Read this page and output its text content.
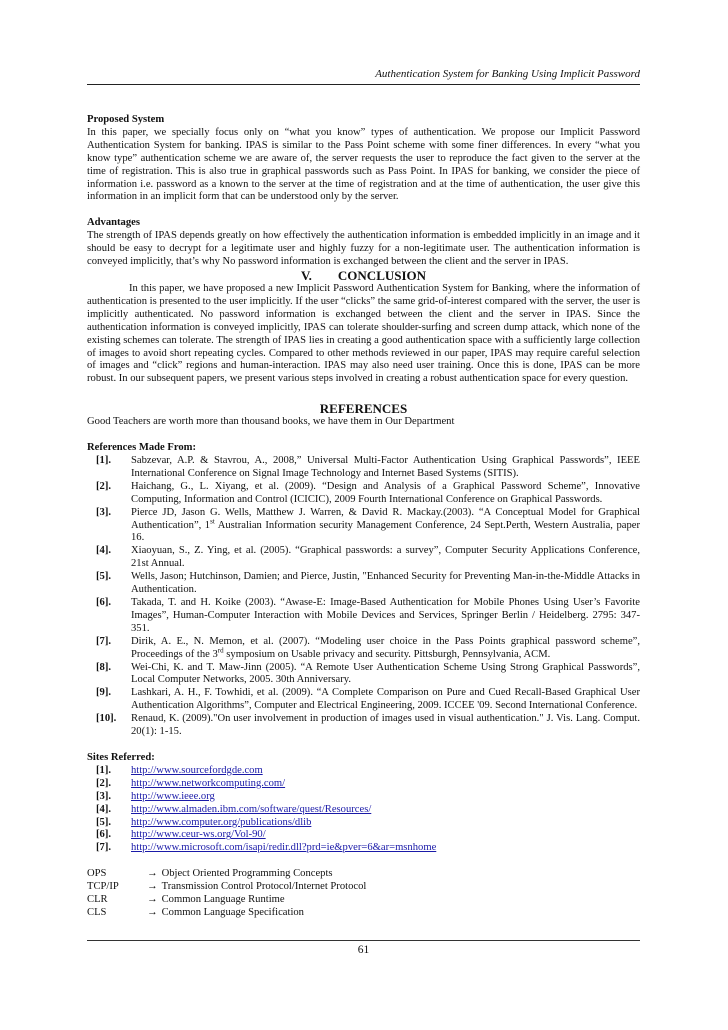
Authentication System for Banking Using Implicit Password

Proposed System

In this paper, we specially focus only on “what you know” types of authentication. We propose our Implicit Password Authentication System for banking. IPAS is similar to the Pass Point scheme with some finer differences. In every “what you know type” authentication scheme we are aware of, the server requests the user to reproduce the fact given to the server at the time of registration. This is also true in graphical passwords such as Pass Point. In IPAS for banking, we consider the piece of information i.e. password as a known to the server at the time of registration and at the time of authentication, the user give this information in an implicit form that can be understood only by the server.

Advantages

The strength of IPAS depends greatly on how effectively the authentication information is embedded implicitly in an image and it should be easy to decrypt for a legitimate user and highly fuzzy for a non-legitimate user. The authentication information is conveyed implicitly, that’s why No password information is exchanged between the client and the server in IPAS.

V. CONCLUSION

In this paper, we have proposed a new Implicit Password Authentication System for Banking, where the information of authentication is presented to the user implicitly. If the user “clicks” the same grid-of-interest compared with the server, the user is implicitly authenticated. No password information is exchanged between the client and the server in IPAS. Since the authentication information is conveyed implicitly, IPAS can tolerate shoulder-surfing and screen dump attack, which none of the existing schemes can tolerate. The strength of IPAS lies in creating a good authentication space with a sufficiently large collection of images to avoid short repeating cycles. Compared to other methods reviewed in our paper, IPAS may require careful selection of images and “click” regions and human-interaction. IPAS may also need user training. Once this is done, IPAS can be more robust. In our subsequent papers, we present various steps involved in creating a robust authentication space for every question.

REFERENCES

Good Teachers are worth more than thousand books, we have them in Our Department

References Made From:

[1].	Sabzevar, A.P. & Stavrou, A., 2008,” Universal Multi-Factor Authentication Using Graphical Passwords”, IEEE International Conference on Signal Image Technology and Internet Based Systems (SITIS).
[2].	Haichang, G., L. Xiyang, et al. (2009). “Design and Analysis of a Graphical Password Scheme”, Innovative Computing, Information and Control (ICICIC), 2009 Fourth International Conference on Graphical Passwords.
[3].	Pierce JD, Jason G. Wells, Matthew J. Warren, & David R. Mackay.(2003). “A Conceptual Model for Graphical Authentication”, 1st Australian Information security Management Conference, 24 Sept.Perth, Western Australia, paper 16.
[4].	Xiaoyuan, S., Z. Ying, et al. (2005). “Graphical passwords: a survey”, Computer Security Applications Conference, 21st Annual.
[5].	Wells, Jason; Hutchinson, Damien; and Pierce, Justin, "Enhanced Security for Preventing Man-in-the-Middle Attacks in Authentication.
[6].	Takada, T. and H. Koike (2003). “Awase-E: Image-Based Authentication for Mobile Phones Using User’s Favorite Images”, Human-Computer Interaction with Mobile Devices and Services, Springer Berlin / Heidelberg. 2795: 347-351.
[7].	Dirik, A. E., N. Memon, et al. (2007). “Modeling user choice in the Pass Points graphical password scheme”, Proceedings of the 3rd symposium on Usable privacy and security. Pittsburgh, Pennsylvania, ACM.
[8].	Wei-Chi, K. and T. Maw-Jinn (2005). “A Remote User Authentication Scheme Using Strong Graphical Passwords”, Local Computer Networks, 2005. 30th Anniversary.
[9].	Lashkari, A. H., F. Towhidi, et al. (2009). “A Complete Comparison on Pure and Cued Recall-Based Graphical User Authentication Algorithms”, Computer and Electrical Engineering, 2009. ICCEE '09. Second International Conference.
[10].	Renaud, K. (2009)."On user involvement in production of images used in visual authentication." J. Vis. Lang. Comput. 20(1): 1-15.

Sites Referred:

[1].	http://www.sourcefordgde.com
[2].	http://www.networkcomputing.com/
[3].	http://www.ieee.org
[4].	http://www.almaden.ibm.com/software/quest/Resources/
[5].	http://www.computer.org/publications/dlib
[6].	http://www.ceur-ws.org/Vol-90/
[7].	http://www.microsoft.com/isapi/redir.dll?prd=ie&pver=6&ar=msnhome
OPS	→ Object Oriented Programming Concepts
TCP/IP	→ Transmission Control Protocol/Internet Protocol
CLR	→ Common Language Runtime
CLS	→ Common Language Specification
61
